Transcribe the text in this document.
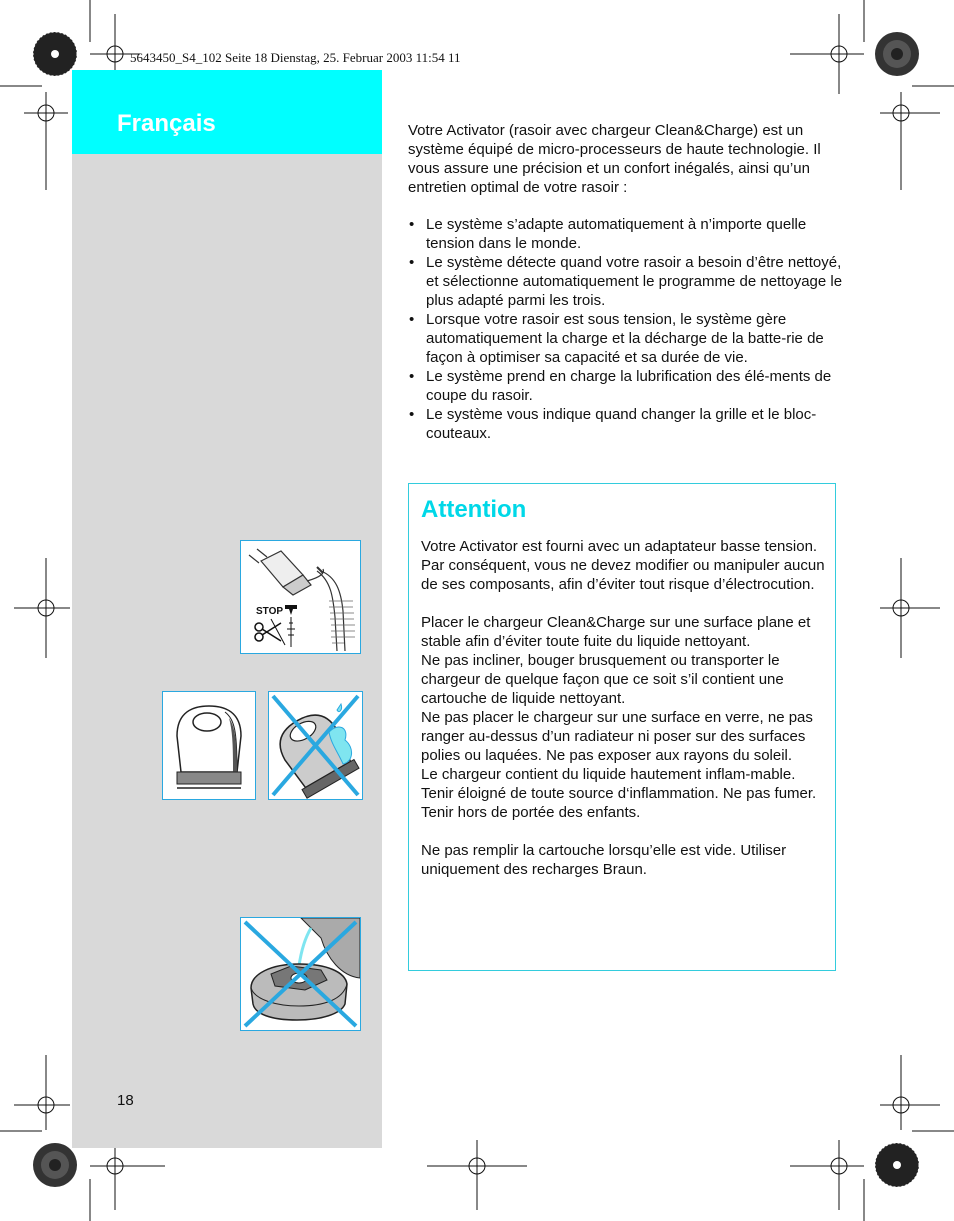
5643450_S4_102 Seite 18 Dienstag, 25. Februar 2003 11:54 11
Français	Votre Activator (rasoir avec chargeur Clean&Charge) est un système équipé de micro-processeurs de haute technologie. Il vous assure une précision et un confort inégalés, ainsi qu’un entretien optimal de votre rasoir :
• Le système s’adapte automatiquement à n’importe quelle tension dans le monde.
• Le système détecte quand votre rasoir a besoin d’être nettoyé, et sélectionne automatiquement le programme de nettoyage le plus adapté parmi les trois.
• Lorsque votre rasoir est sous tension, le système gère automatiquement la charge et la décharge de la batte-rie de façon à optimiser sa capacité et sa durée de vie.
• Le système prend en charge la lubrification des élé-ments de coupe du rasoir.
• Le système vous indique quand changer la grille et le bloc-couteaux.
Attention

Votre Activator est fourni avec un adaptateur basse tension. Par conséquent, vous ne devez modifier ou manipuler aucun de ses composants, afin d’éviter tout risque d’électrocution.

Placer le chargeur Clean&Charge sur une surface plane et stable afin d’éviter toute fuite du liquide nettoyant.
Ne pas incliner, bouger brusquement ou transporter le chargeur de quelque façon que ce soit s’il contient une cartouche de liquide nettoyant.
Ne pas placer le chargeur sur une surface en verre, ne pas ranger au-dessus d’un radiateur ni poser sur des surfaces polies ou laquées. Ne pas exposer aux rayons du soleil.
Le chargeur contient du liquide hautement inflam-mable. Tenir éloigné de toute source d‘inflammation. Ne pas fumer.
Tenir hors de portée des enfants.

Ne pas remplir la cartouche lorsqu’elle est vide. Utiliser uniquement des recharges Braun.

STOP
18
